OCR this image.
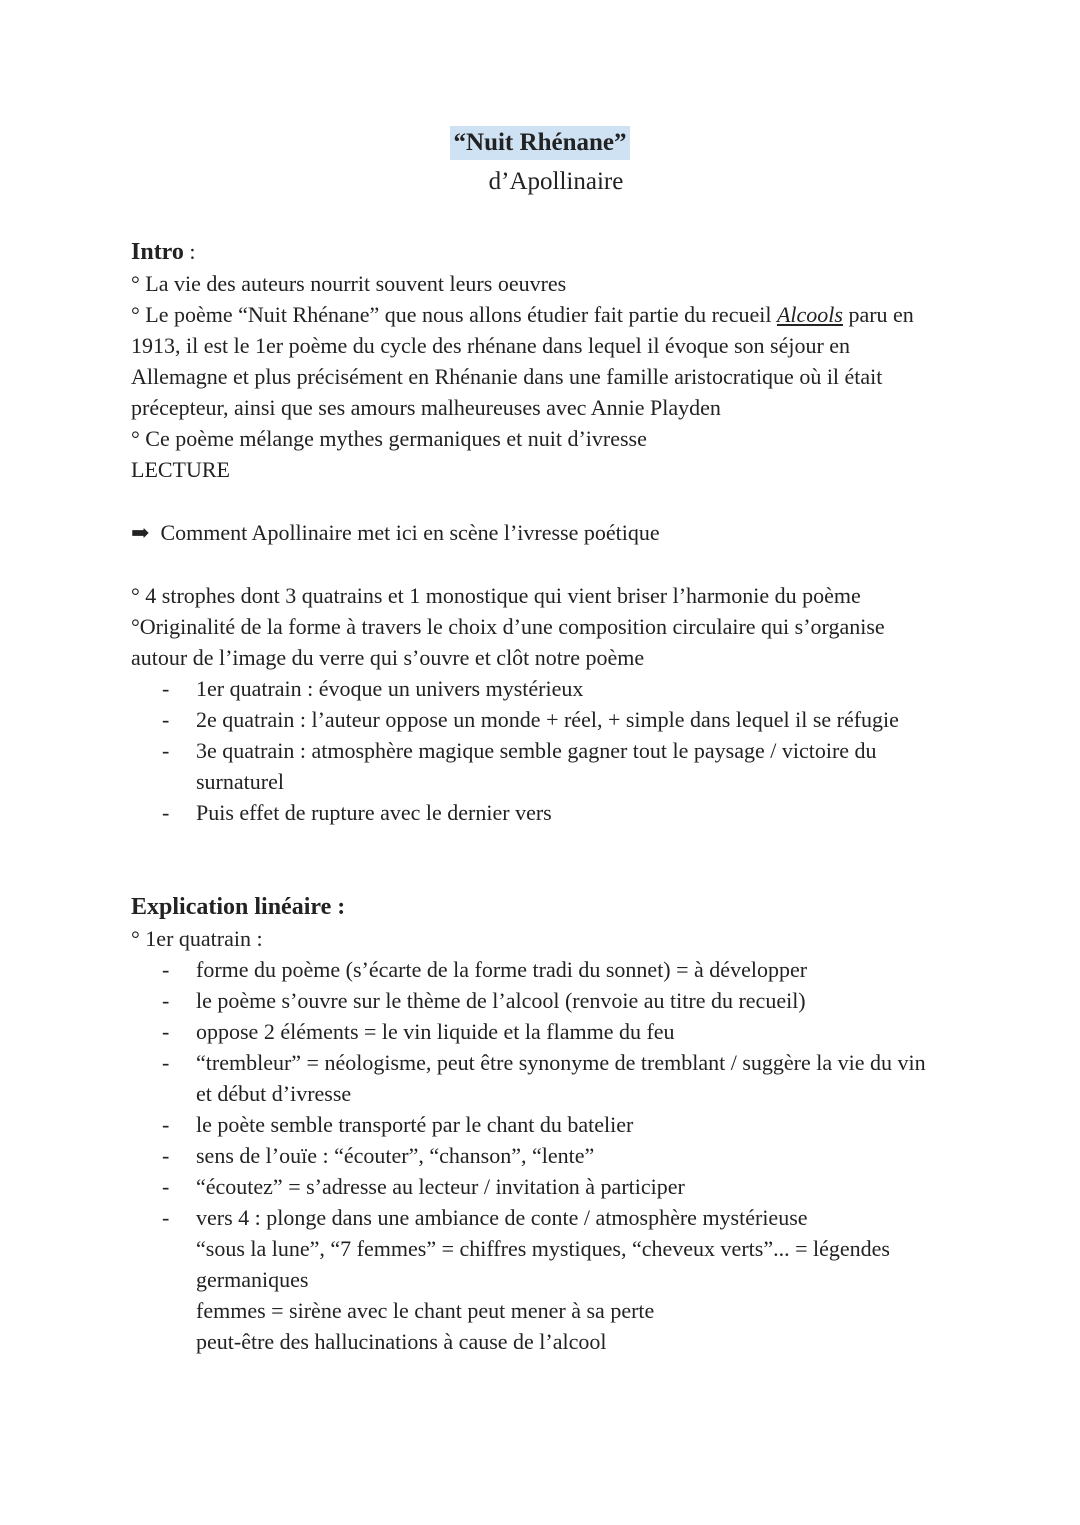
“Nuit Rhénane”
d’Apollinaire

Intro :

° La vie des auteurs nourrit souvent leurs oeuvres

° Le poème “Nuit Rhénane” que nous allons étudier fait partie du recueil Alcools paru en 1913, il est le 1er poème du cycle des rhénane dans lequel il évoque son séjour en Allemagne et plus précisément en Rhénanie dans une famille aristocratique où il était précepteur, ainsi que ses amours malheureuses avec Annie Playden

° Ce poème mélange mythes germaniques et nuit d’ivresse

LECTURE

➡ Comment Apollinaire met ici en scène l’ivresse poétique

° 4 strophes dont 3 quatrains et 1 monostique qui vient briser l’harmonie du poème

°Originalité de la forme à travers le choix d’une composition circulaire qui s’organise autour de l’image du verre qui s’ouvre et clôt notre poème

- 1er quatrain : évoque un univers mystérieux
- 2e quatrain : l’auteur oppose un monde + réel, + simple dans lequel il se réfugie
- 3e quatrain : atmosphère magique semble gagner tout le paysage / victoire du surnaturel
- Puis effet de rupture avec le dernier vers

Explication linéaire :

° 1er quatrain :

- forme du poème (s’écarte de la forme tradi du sonnet) = à développer
- le poème s’ouvre sur le thème de l’alcool (renvoie au titre du recueil)
- oppose 2 éléments = le vin liquide et la flamme du feu
- “trembleur” = néologisme, peut être synonyme de tremblant / suggère la vie du vin et début d’ivresse
- le poète semble transporté par le chant du batelier
- sens de l’ouïe : “écouter”, “chanson”, “lente”
- “écoutez” = s’adresse au lecteur / invitation à participer
- vers 4 : plonge dans une ambiance de conte / atmosphère mystérieuse
“sous la lune”, “7 femmes” = chiffres mystiques, “cheveux verts”... = légendes germaniques
femmes = sirène avec le chant peut mener à sa perte
peut-être des hallucinations à cause de l’alcool
